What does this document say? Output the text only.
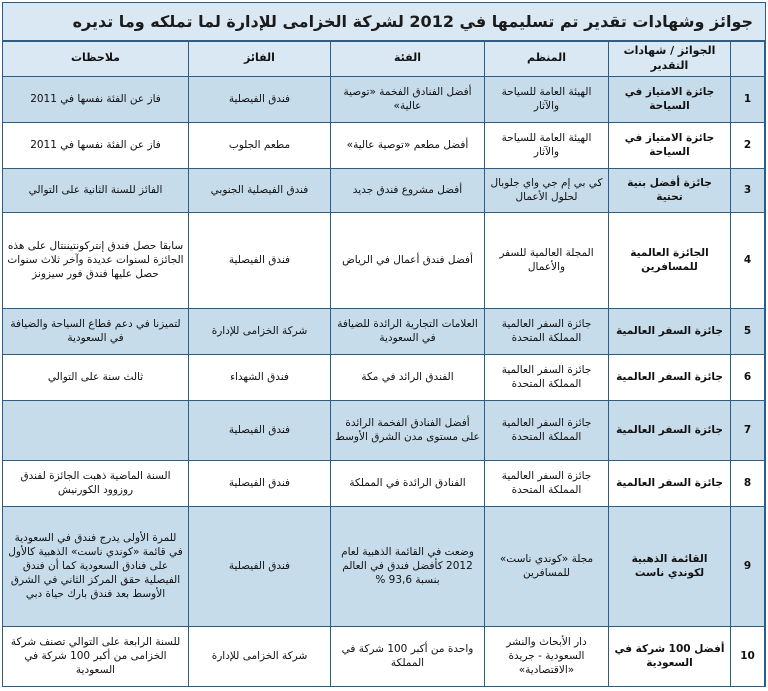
جوائز وشهادات تقدير تم تسليمها في 2012 لشركة الخزامى للإدارة لما تملكه وما تديره
	الجوائز / شهادات التقدير	المنظم	الفئة	الفائز	ملاحظات
1	جائزة الامتياز في السياحة	الهيئة العامة للسياحة والآثار	أفضل الفنادق الفخمة «توصية عالية»	فندق الفيصلية	فاز عن الفئة نفسها في 2011
2	جائزة الامتياز في السياحة	الهيئة العامة للسياحة والآثار	أفضل مطعم «توصية عالية»	مطعم الجلوب	فاز عن الفئة نفسها في 2011
3	جائزة أفضل بنية تحتية	كي بي إم جي واي جلوبال لحلول الأعمال	أفضل مشروع فندق جديد	فندق الفيصلية الجنوبي	الفائز للسنة الثانية على التوالي
4	الجائزة العالمية للمسافرين	المجلة العالمية للسفر والأعمال	أفضل فندق أعمال في الرياض	فندق الفيصلية	سابقا حصل فندق إنتركونتيننتال على هذه الجائزة لسنوات عديدة وآخر ثلاث سنوات حصل عليها فندق فور سيزونز
5	جائزة السفر العالمية	جائزة السفر العالمية المملكة المتحدة	العلامات التجارية الرائدة للضيافة في السعودية	شركة الخزامى للإدارة	لتميزنا في دعم قطاع السياحة والضيافة في السعودية
6	جائزة السفر العالمية	جائزة السفر العالمية المملكة المتحدة	الفندق الرائد في مكة	فندق الشهداء	ثالث سنة على التوالي
7	جائزة السفر العالمية	جائزة السفر العالمية المملكة المتحدة	أفضل الفنادق الفخمة الرائدة على مستوى مدن الشرق الأوسط	فندق الفيصلية	
8	جائزة السفر العالمية	جائزة السفر العالمية المملكة المتحدة	الفنادق الرائدة في المملكة	فندق الفيصلية	السنة الماضية ذهبت الجائزة لفندق روزوود الكورنيش
9	القائمة الذهبية لكوندي ناست	مجلة «كوندي ناست» للمسافرين	وضعت في القائمة الذهبية لعام 2012 كأفضل فندق في العالم بنسبة 93,6 %	فندق الفيصلية	للمرة الأولى يدرج فندق في السعودية في قائمة «كوندي ناست» الذهبية كالأول على فنادق السعودية كما أن فندق الفيصلية حقق المركز الثاني في الشرق الأوسط بعد فندق بارك حياة دبي
10	أفضل 100 شركة في السعودية	دار الأبحاث والنشر السعودية - جريدة «الاقتصادية»	واحدة من أكبر 100 شركة في المملكة	شركة الخزامى للإدارة	للسنة الرابعة على التوالي تصنف شركة الخزامى من أكبر 100 شركة في السعودية
